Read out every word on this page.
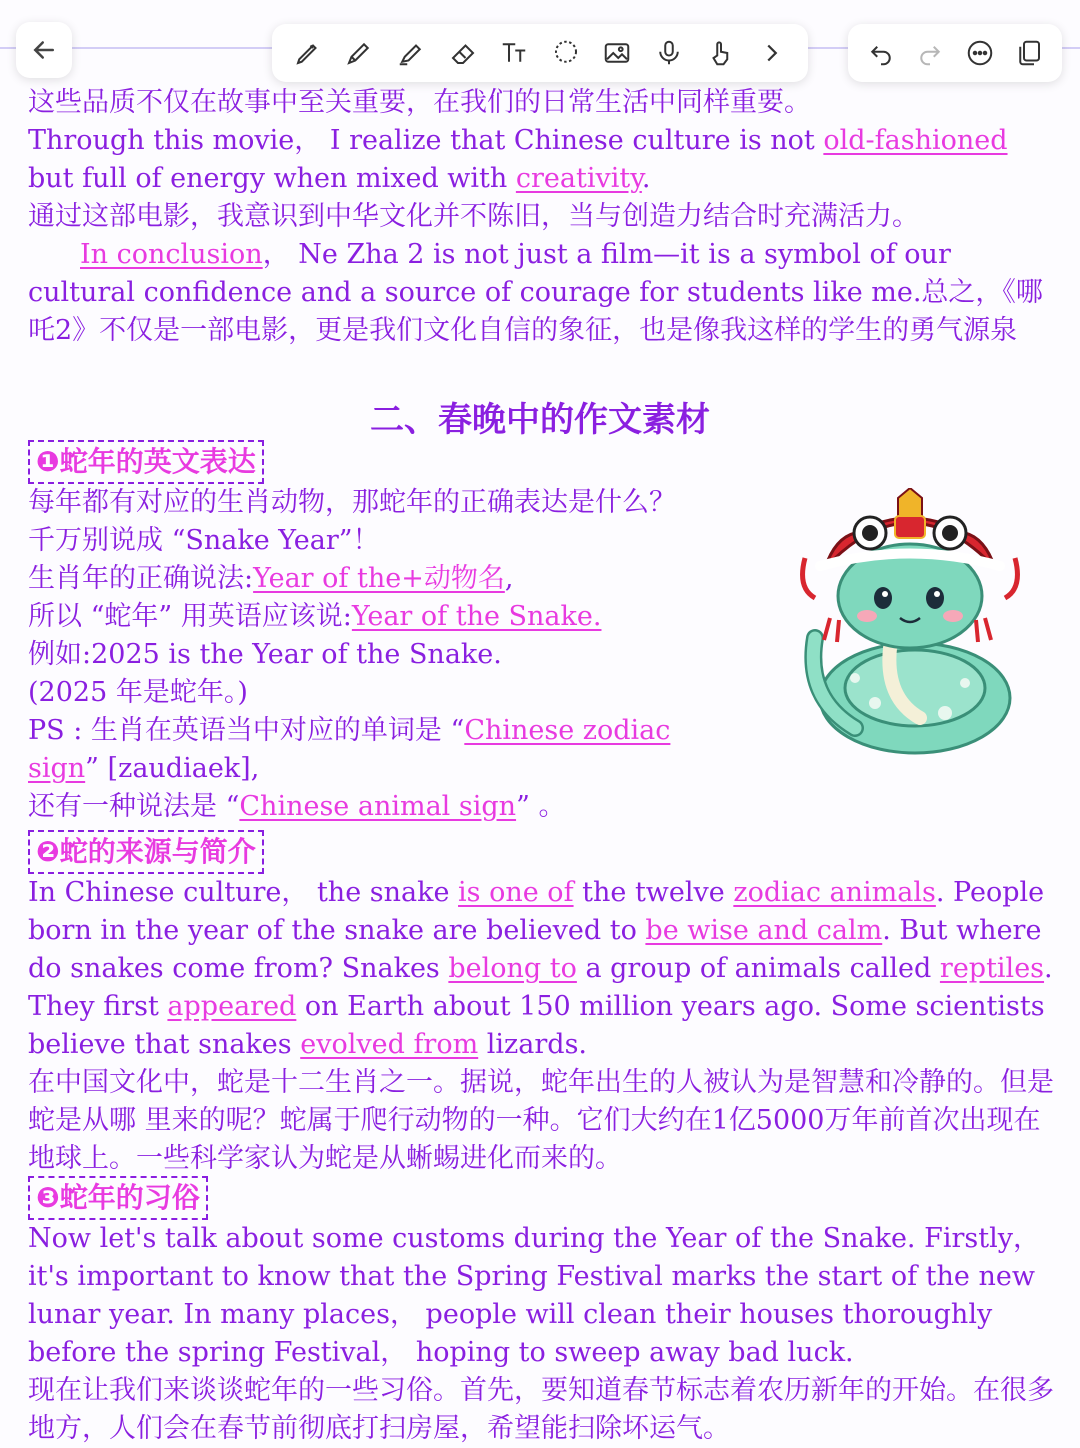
这些品质不仅在故事中至关重要，在我们的日常生活中同样重要。

Through this movie， I realize that Chinese culture is not old-fashioned but full of energy when mixed with creativity.

通过这部电影，我意识到中华文化并不陈旧，当与创造力结合时充满活力。

In conclusion， Ne Zha 2 is not just a film—it is a symbol of our cultural confidence and a source of courage for students like me.总之，《哪吒2》不仅是一部电影，更是我们文化自信的象征，也是像我这样的学生的勇气源泉

二、春晚中的作文素材
❶蛇年的英文表达

每年都有对应的生肖动物，那蛇年的正确表达是什么？

千万别说成 “Snake Year”！

生肖年的正确说法:Year of the+动物名,

所以 “蛇年” 用英语应该说:Year of the Snake.

例如:2025 is the Year of the Snake.

(2025 年是蛇年。)

PS : 生肖在英语当中对应的单词是 “Chinese zodiac sign” [zaudiaek],

还有一种说法是 “Chinese animal sign” 。

❷蛇的来源与简介

In Chinese culture， the snake is one of the twelve zodiac animals. People born in the year of the snake are believed to be wise and calm. But where do snakes come from? Snakes belong to a group of animals called reptiles. They first appeared on Earth about 150 million years ago. Some scientists believe that snakes evolved from lizards.

在中国文化中，蛇是十二生肖之一。据说，蛇年出生的人被认为是智慧和冷静的。但是蛇是从哪 里来的呢？蛇属于爬行动物的一种。它们大约在1亿5000万年前首次出现在地球上。一些科学家认为蛇是从蜥蜴进化而来的。

❸蛇年的习俗

Now let's talk about some customs during the Year of the Snake. Firstly， it's important to know that the Spring Festival marks the start of the new lunar year. In many places， people will clean their houses thoroughly before the spring Festival， hoping to sweep away bad luck.

现在让我们来谈谈蛇年的一些习俗。首先，要知道春节标志着农历新年的开始。在很多地方，人们会在春节前彻底打扫房屋，希望能扫除坏运气。
